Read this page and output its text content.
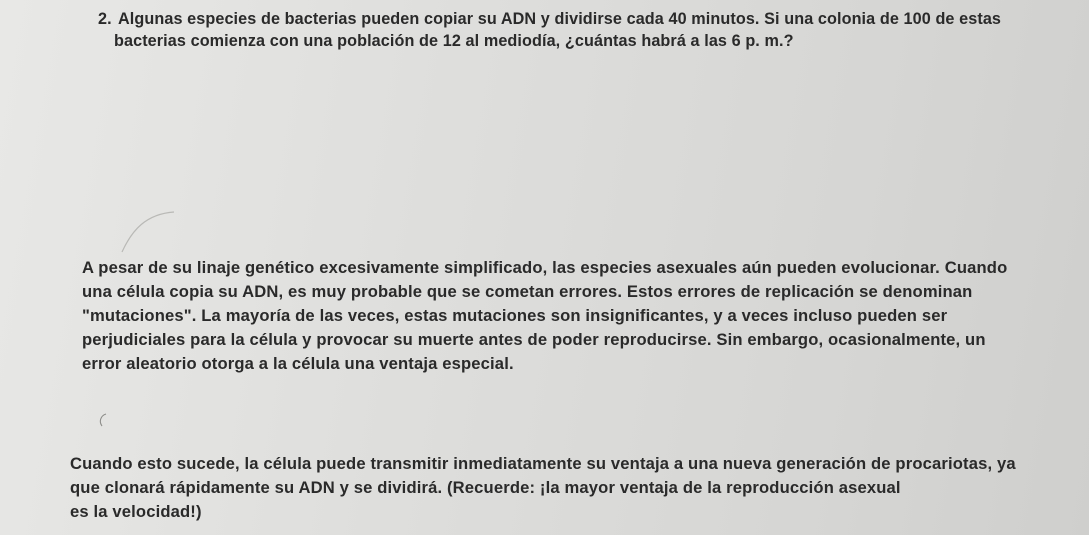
2. Algunas especies de bacterias pueden copiar su ADN y dividirse cada 40 minutos. Si una colonia de 100 de estas
bacterias comienza con una población de 12 al mediodía, ¿cuántas habrá a las 6 p. m.?
A pesar de su linaje genético excesivamente simplificado, las especies asexuales aún pueden evolucionar. Cuando
una célula copia su ADN, es muy probable que se cometan errores. Estos errores de replicación se denominan
"mutaciones". La mayoría de las veces, estas mutaciones son insignificantes, y a veces incluso pueden ser
perjudiciales para la célula y provocar su muerte antes de poder reproducirse. Sin embargo, ocasionalmente, un
error aleatorio otorga a la célula una ventaja especial.
Cuando esto sucede, la célula puede transmitir inmediatamente su ventaja a una nueva generación de procariotas, ya
que clonará rápidamente su ADN y se dividirá. (Recuerde: ¡la mayor ventaja de la reproducción asexual
es la velocidad!)
